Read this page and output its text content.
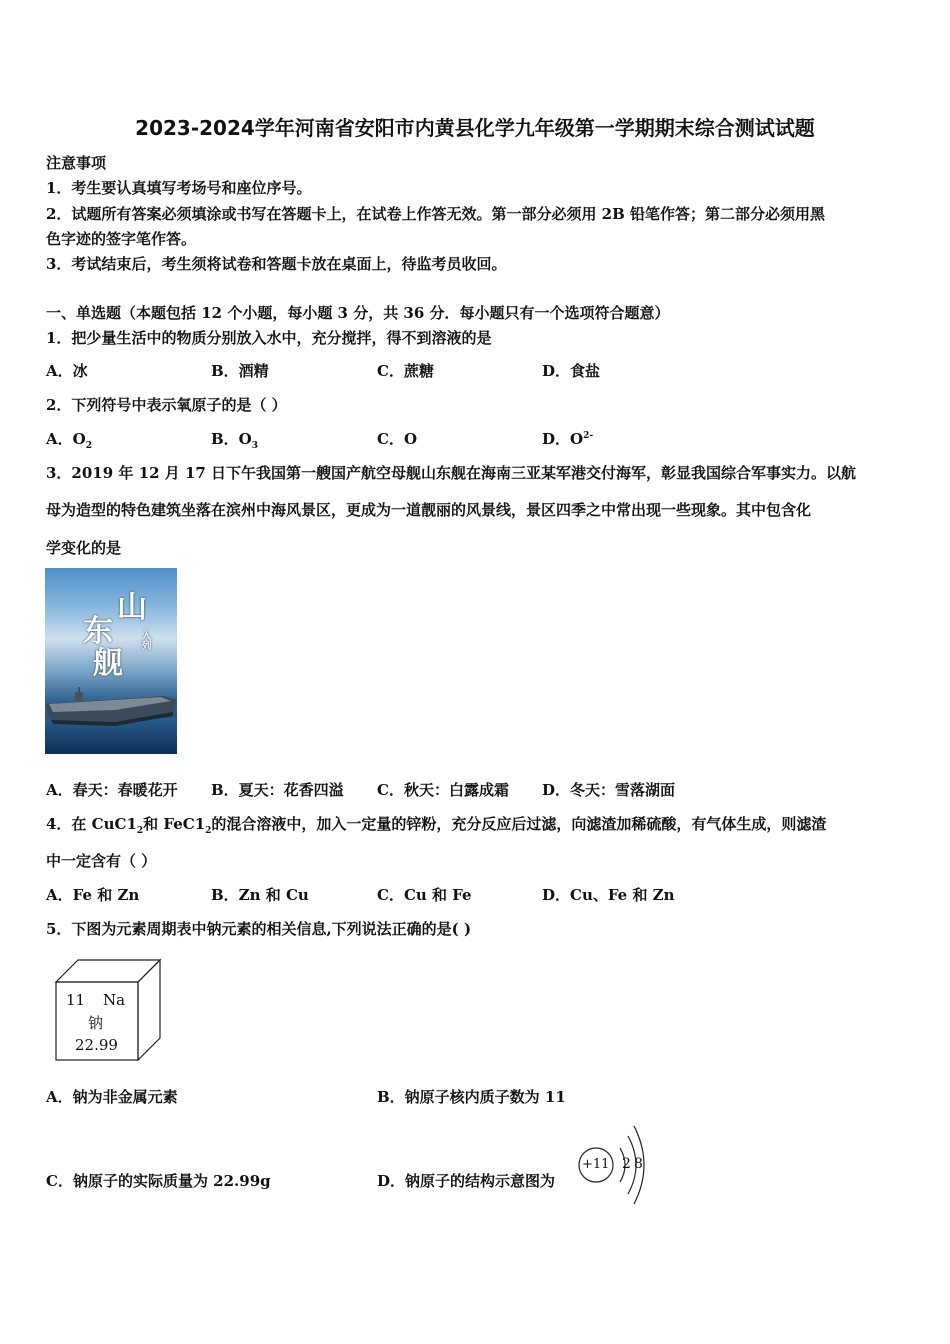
2023-2024学年河南省安阳市内黄县化学九年级第一学期期末综合测试试题
注意事项
1．考生要认真填写考场号和座位序号。
2．试题所有答案必须填涂或书写在答题卡上，在试卷上作答无效。第一部分必须用 2B 铅笔作答；第二部分必须用黑
色字迹的签字笔作答。
3．考试结束后，考生须将试卷和答题卡放在桌面上，待监考员收回。
一、单选题（本题包括 12 个小题，每小题 3 分，共 36 分．每小题只有一个选项符合题意）
1．把少量生活中的物质分别放入水中，充分搅拌，得不到溶液的是
A．冰	B．酒精	C．蔗糖	D．食盐
2．下列符号中表示氧原子的是（ ）
A．$O_2$	B．$O_3$	C．O	D．$O^{2-}$
3．2019 年 12 月 17 日下午我国第一艘国产航空母舰山东舰在海南三亚某军港交付海军，彰显我国综合军事实力。以航
母为造型的特色建筑坐落在滨州中海风景区，更成为一道靓丽的风景线，景区四季之中常出现一些现象。其中包含化
学变化的是
山
东
舰
入列
A．春天：春暖花开 B．夏天：花香四溢 C．秋天：白露成霜 D．冬天：雪落湖面
4．在 $CuC1_2$和 $FeC1_2$的混合溶液中，加入一定量的锌粉，充分反应后过滤，向滤渣加稀硫酸，有气体生成，则滤渣
中一定含有（ ）
A．Fe 和 Zn	B．Zn 和 Cu	C．Cu 和 Fe	D．Cu、Fe 和 Zn
5．下图为元素周期表中钠元素的相关信息,下列说法正确的是( )
11 Na
钠
22.99
A．钠为非金属元素	B．钠原子核内质子数为 11
C．钠原子的实际质量为 22.99g	D．钠原子的结构示意图为
+11 2 8
